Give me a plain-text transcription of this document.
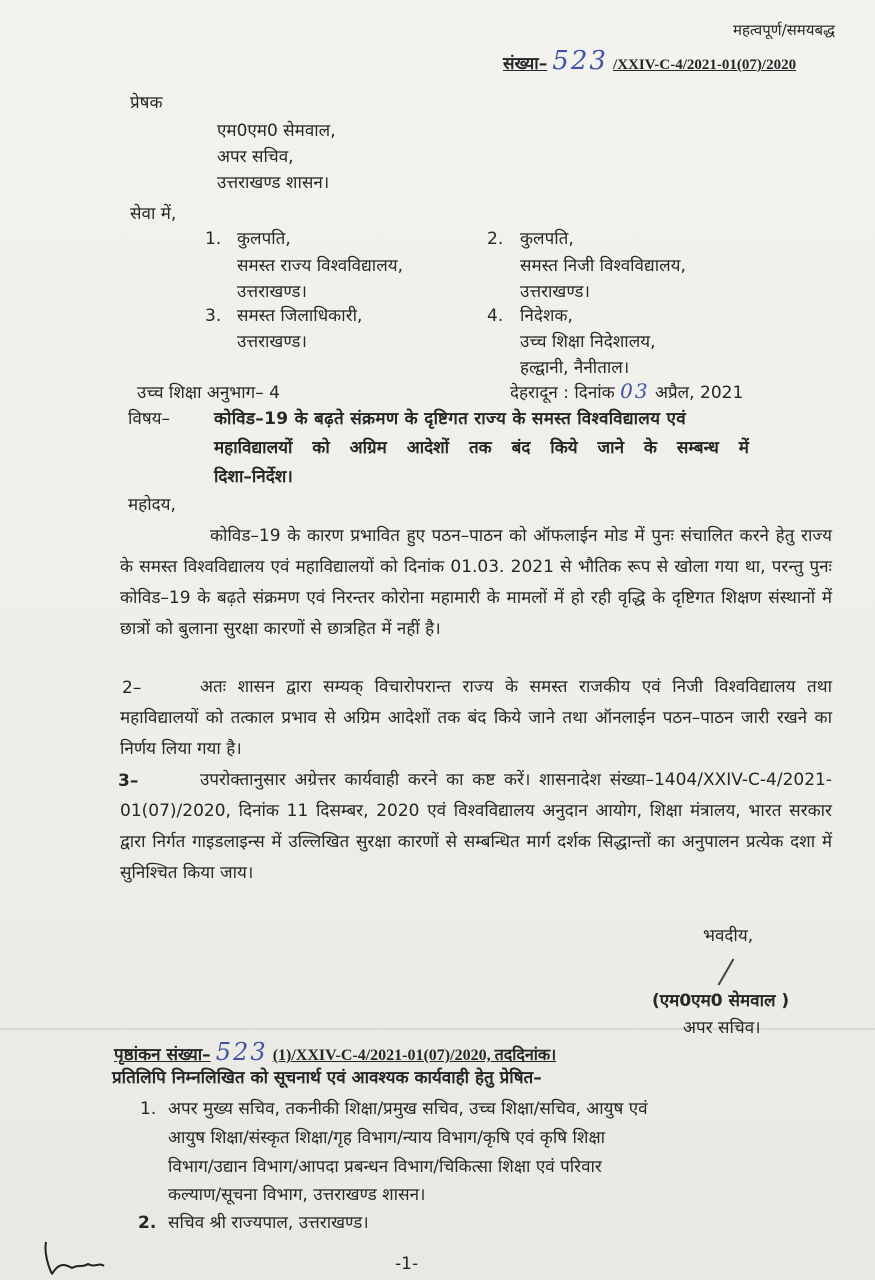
महत्वपूर्ण/समयबद्ध
संख्या– 523 /XXIV-C-4/2021-01(07)/2020
प्रेषक
एम0एम0 सेमवाल,
अपर सचिव,
उत्तराखण्ड शासन।
सेवा में,
1. कुलपति,
समस्त राज्य विश्वविद्यालय,
उत्तराखण्ड।
2. कुलपति,
समस्त निजी विश्वविद्यालय,
उत्तराखण्ड।
3. समस्त जिलाधिकारी,
उत्तराखण्ड।
4. निदेशक,
उच्च शिक्षा निदेशालय,
हल्द्वानी, नैनीताल।
उच्च शिक्षा अनुभाग– 4	देहरादून : दिनांक 03 अप्रैल, 2021
विषय–	कोविड–19 के बढ़ते संक्रमण के दृष्टिगत राज्य के समस्त विश्वविद्यालय एवं
महाविद्यालयों को अग्रिम आदेशों तक बंद किये जाने के सम्बन्ध में
दिशा–निर्देश।
महोदय,
कोविड–19 के कारण प्रभावित हुए पठन–पाठन को ऑफलाईन मोड में पुनः संचालित करने हेतु राज्य के समस्त विश्वविद्यालय एवं महाविद्यालयों को दिनांक 01.03. 2021 से भौतिक रूप से खोला गया था, परन्तु पुनः कोविड–19 के बढ़ते संक्रमण एवं निरन्तर कोरोना महामारी के मामलों में हो रही वृद्धि के दृष्टिगत शिक्षण संस्थानों में छात्रों को बुलाना सुरक्षा कारणों से छात्रहित में नहीं है।
2–	अतः शासन द्वारा सम्यक् विचारोपरान्त राज्य के समस्त राजकीय एवं निजी विश्वविद्यालय तथा महाविद्यालयों को तत्काल प्रभाव से अग्रिम आदेशों तक बंद किये जाने तथा ऑनलाईन पठन–पाठन जारी रखने का निर्णय लिया गया है।
3–	उपरोक्तानुसार अग्रेत्तर कार्यवाही करने का कष्ट करें। शासनादेश संख्या–1404/XXIV-C-4/2021-01(07)/2020, दिनांक 11 दिसम्बर, 2020 एवं विश्वविद्यालय अनुदान आयोग, शिक्षा मंत्रालय, भारत सरकार द्वारा निर्गत गाइडलाइन्स में उल्लिखित सुरक्षा कारणों से सम्बन्धित मार्ग दर्शक सिद्धान्तों का अनुपालन प्रत्येक दशा में सुनिश्चित किया जाय।
भवदीय,
(एम0एम0 सेमवाल )
अपर सचिव।
पृष्ठांकन संख्या– 523 (1)/XXIV-C-4/2021-01(07)/2020, तददिनांक।
प्रतिलिपि निम्नलिखित को सूचनार्थ एवं आवश्यक कार्यवाही हेतु प्रेषित–
1. अपर मुख्य सचिव, तकनीकी शिक्षा/प्रमुख सचिव, उच्च शिक्षा/सचिव, आयुष एवं
आयुष शिक्षा/संस्कृत शिक्षा/गृह विभाग/न्याय विभाग/कृषि एवं कृषि शिक्षा
विभाग/उद्यान विभाग/आपदा प्रबन्धन विभाग/चिकित्सा शिक्षा एवं परिवार
कल्याण/सूचना विभाग, उत्तराखण्ड शासन।
2. सचिव श्री राज्यपाल, उत्तराखण्ड।
-1-
